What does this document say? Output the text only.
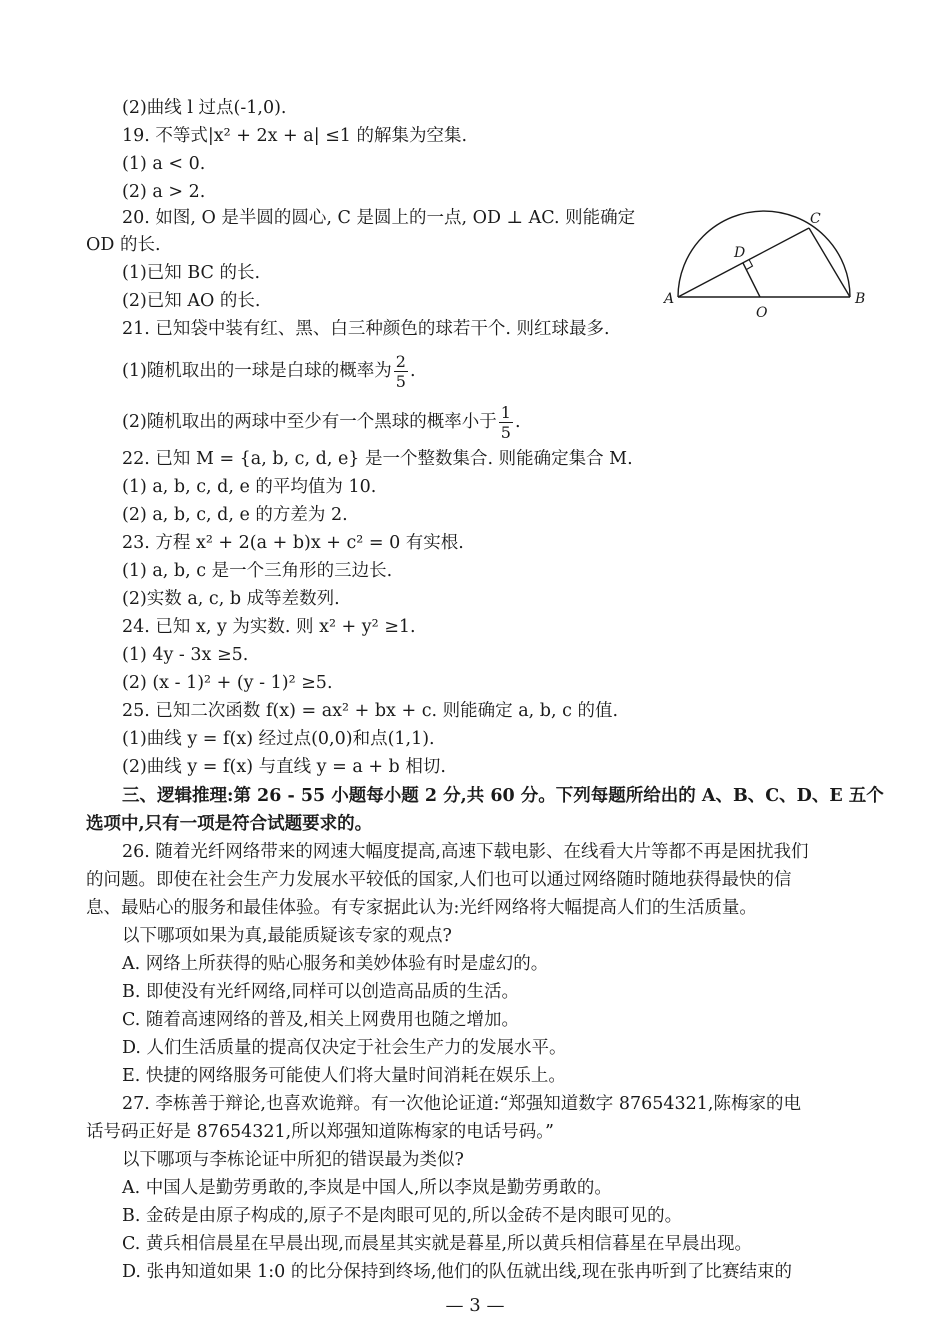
(2)曲线 l 过点(-1,0).
19. 不等式|x² + 2x + a| ≤1 的解集为空集.
(1) a < 0.
(2) a > 2.
20. 如图, O 是半圆的圆心, C 是圆上的一点, OD ⊥ AC. 则能确定
OD 的长.
(1)已知 BC 的长.
(2)已知 AO 的长.
21. 已知袋中装有红、黑、白三种颜色的球若干个. 则红球最多.
(1)随机取出的一球是白球的概率为 $\frac{2}{5}$ .
(2)随机取出的两球中至少有一个黑球的概率小于 $\frac{1}{5}$ .
22. 已知 M = {a, b, c, d, e} 是一个整数集合. 则能确定集合 M.
(1) a, b, c, d, e 的平均值为 10.
(2) a, b, c, d, e 的方差为 2.
23. 方程 x² + 2(a + b)x + c² = 0 有实根.
(1) a, b, c 是一个三角形的三边长.
(2)实数 a, c, b 成等差数列.
24. 已知 x, y 为实数. 则 x² + y² ≥1.
(1) 4y - 3x ≥5.
(2) (x - 1)² + (y - 1)² ≥5.
25. 已知二次函数 f(x) = ax² + bx + c. 则能确定 a, b, c 的值.
(1)曲线 y = f(x) 经过点(0,0)和点(1,1).
(2)曲线 y = f(x) 与直线 y = a + b 相切.
三、逻辑推理:第 26 - 55 小题每小题 2 分,共 60 分。下列每题所给出的 A、B、C、D、E 五个
选项中,只有一项是符合试题要求的。
26. 随着光纤网络带来的网速大幅度提高,高速下载电影、在线看大片等都不再是困扰我们
的问题。即使在社会生产力发展水平较低的国家,人们也可以通过网络随时随地获得最快的信
息、最贴心的服务和最佳体验。有专家据此认为:光纤网络将大幅提高人们的生活质量。
以下哪项如果为真,最能质疑该专家的观点?
A. 网络上所获得的贴心服务和美妙体验有时是虚幻的。
B. 即使没有光纤网络,同样可以创造高品质的生活。
C. 随着高速网络的普及,相关上网费用也随之增加。
D. 人们生活质量的提高仅决定于社会生产力的发展水平。
E. 快捷的网络服务可能使人们将大量时间消耗在娱乐上。
27. 李栋善于辩论,也喜欢诡辩。有一次他论证道:“郑强知道数字 87654321,陈梅家的电
话号码正好是 87654321,所以郑强知道陈梅家的电话号码。”
以下哪项与李栋论证中所犯的错误最为类似?
A. 中国人是勤劳勇敢的,李岚是中国人,所以李岚是勤劳勇敢的。
B. 金砖是由原子构成的,原子不是肉眼可见的,所以金砖不是肉眼可见的。
C. 黄兵相信晨星在早晨出现,而晨星其实就是暮星,所以黄兵相信暮星在早晨出现。
D. 张冉知道如果 1:0 的比分保持到终场,他们的队伍就出线,现在张冉听到了比赛结束的
A	B
C
D
O
— 3 —
